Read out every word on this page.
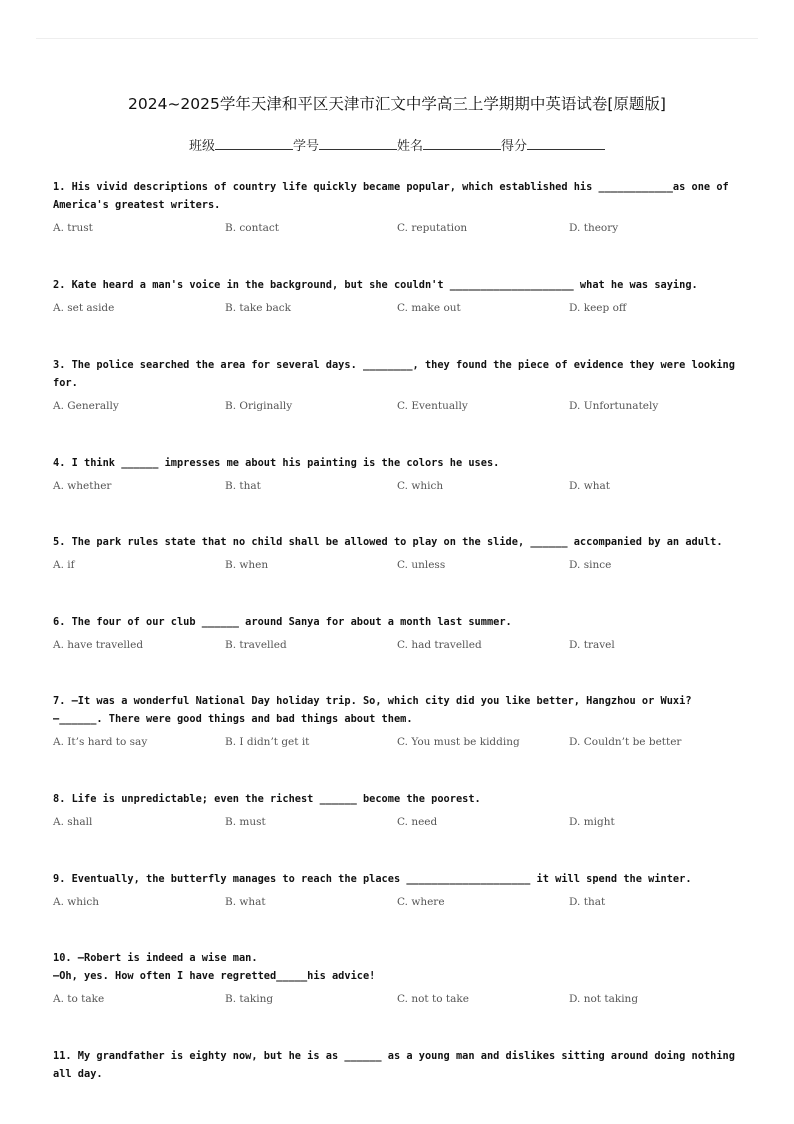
2024~2025学年天津和平区天津市汇文中学高三上学期期中英语试卷[原题版]
班级	学号	姓名	得分
1. His vivid descriptions of country life quickly became popular, which established his ____________as one of America's greatest writers.
A. trust	B. contact	C. reputation	D. theory
2. Kate heard a man's voice in the background, but she couldn't ____________________ what he was saying.
A. set aside	B. take back	C. make out	D. keep off
3. The police searched the area for several days. ________, they found the piece of evidence they were looking for.
A. Generally	B. Originally	C. Eventually	D. Unfortunately
4. I think ______ impresses me about his painting is the colors he uses.
A. whether	B. that	C. which	D. what
5. The park rules state that no child shall be allowed to play on the slide, ______ accompanied by an adult.
A. if	B. when	C. unless	D. since
6. The four of our club ______ around Sanya for about a month last summer.
A. have travelled	B. travelled	C. had travelled	D. travel
7. —It was a wonderful National Day holiday trip. So, which city did you like better, Hangzhou or Wuxi?
—______. There were good things and bad things about them.
A. It’s hard to say	B. I didn’t get it	C. You must be kidding	D. Couldn’t be better
8. Life is unpredictable; even the richest ______ become the poorest.
A. shall	B. must	C. need	D. might
9. Eventually, the butterfly manages to reach the places ____________________ it will spend the winter.
A. which	B. what	C. where	D. that
10. —Robert is indeed a wise man.
—Oh, yes. How often I have regretted_____his advice!
A. to take	B. taking	C. not to take	D. not taking
11. My grandfather is eighty now, but he is as ______ as a young man and dislikes sitting around doing nothing all day.
